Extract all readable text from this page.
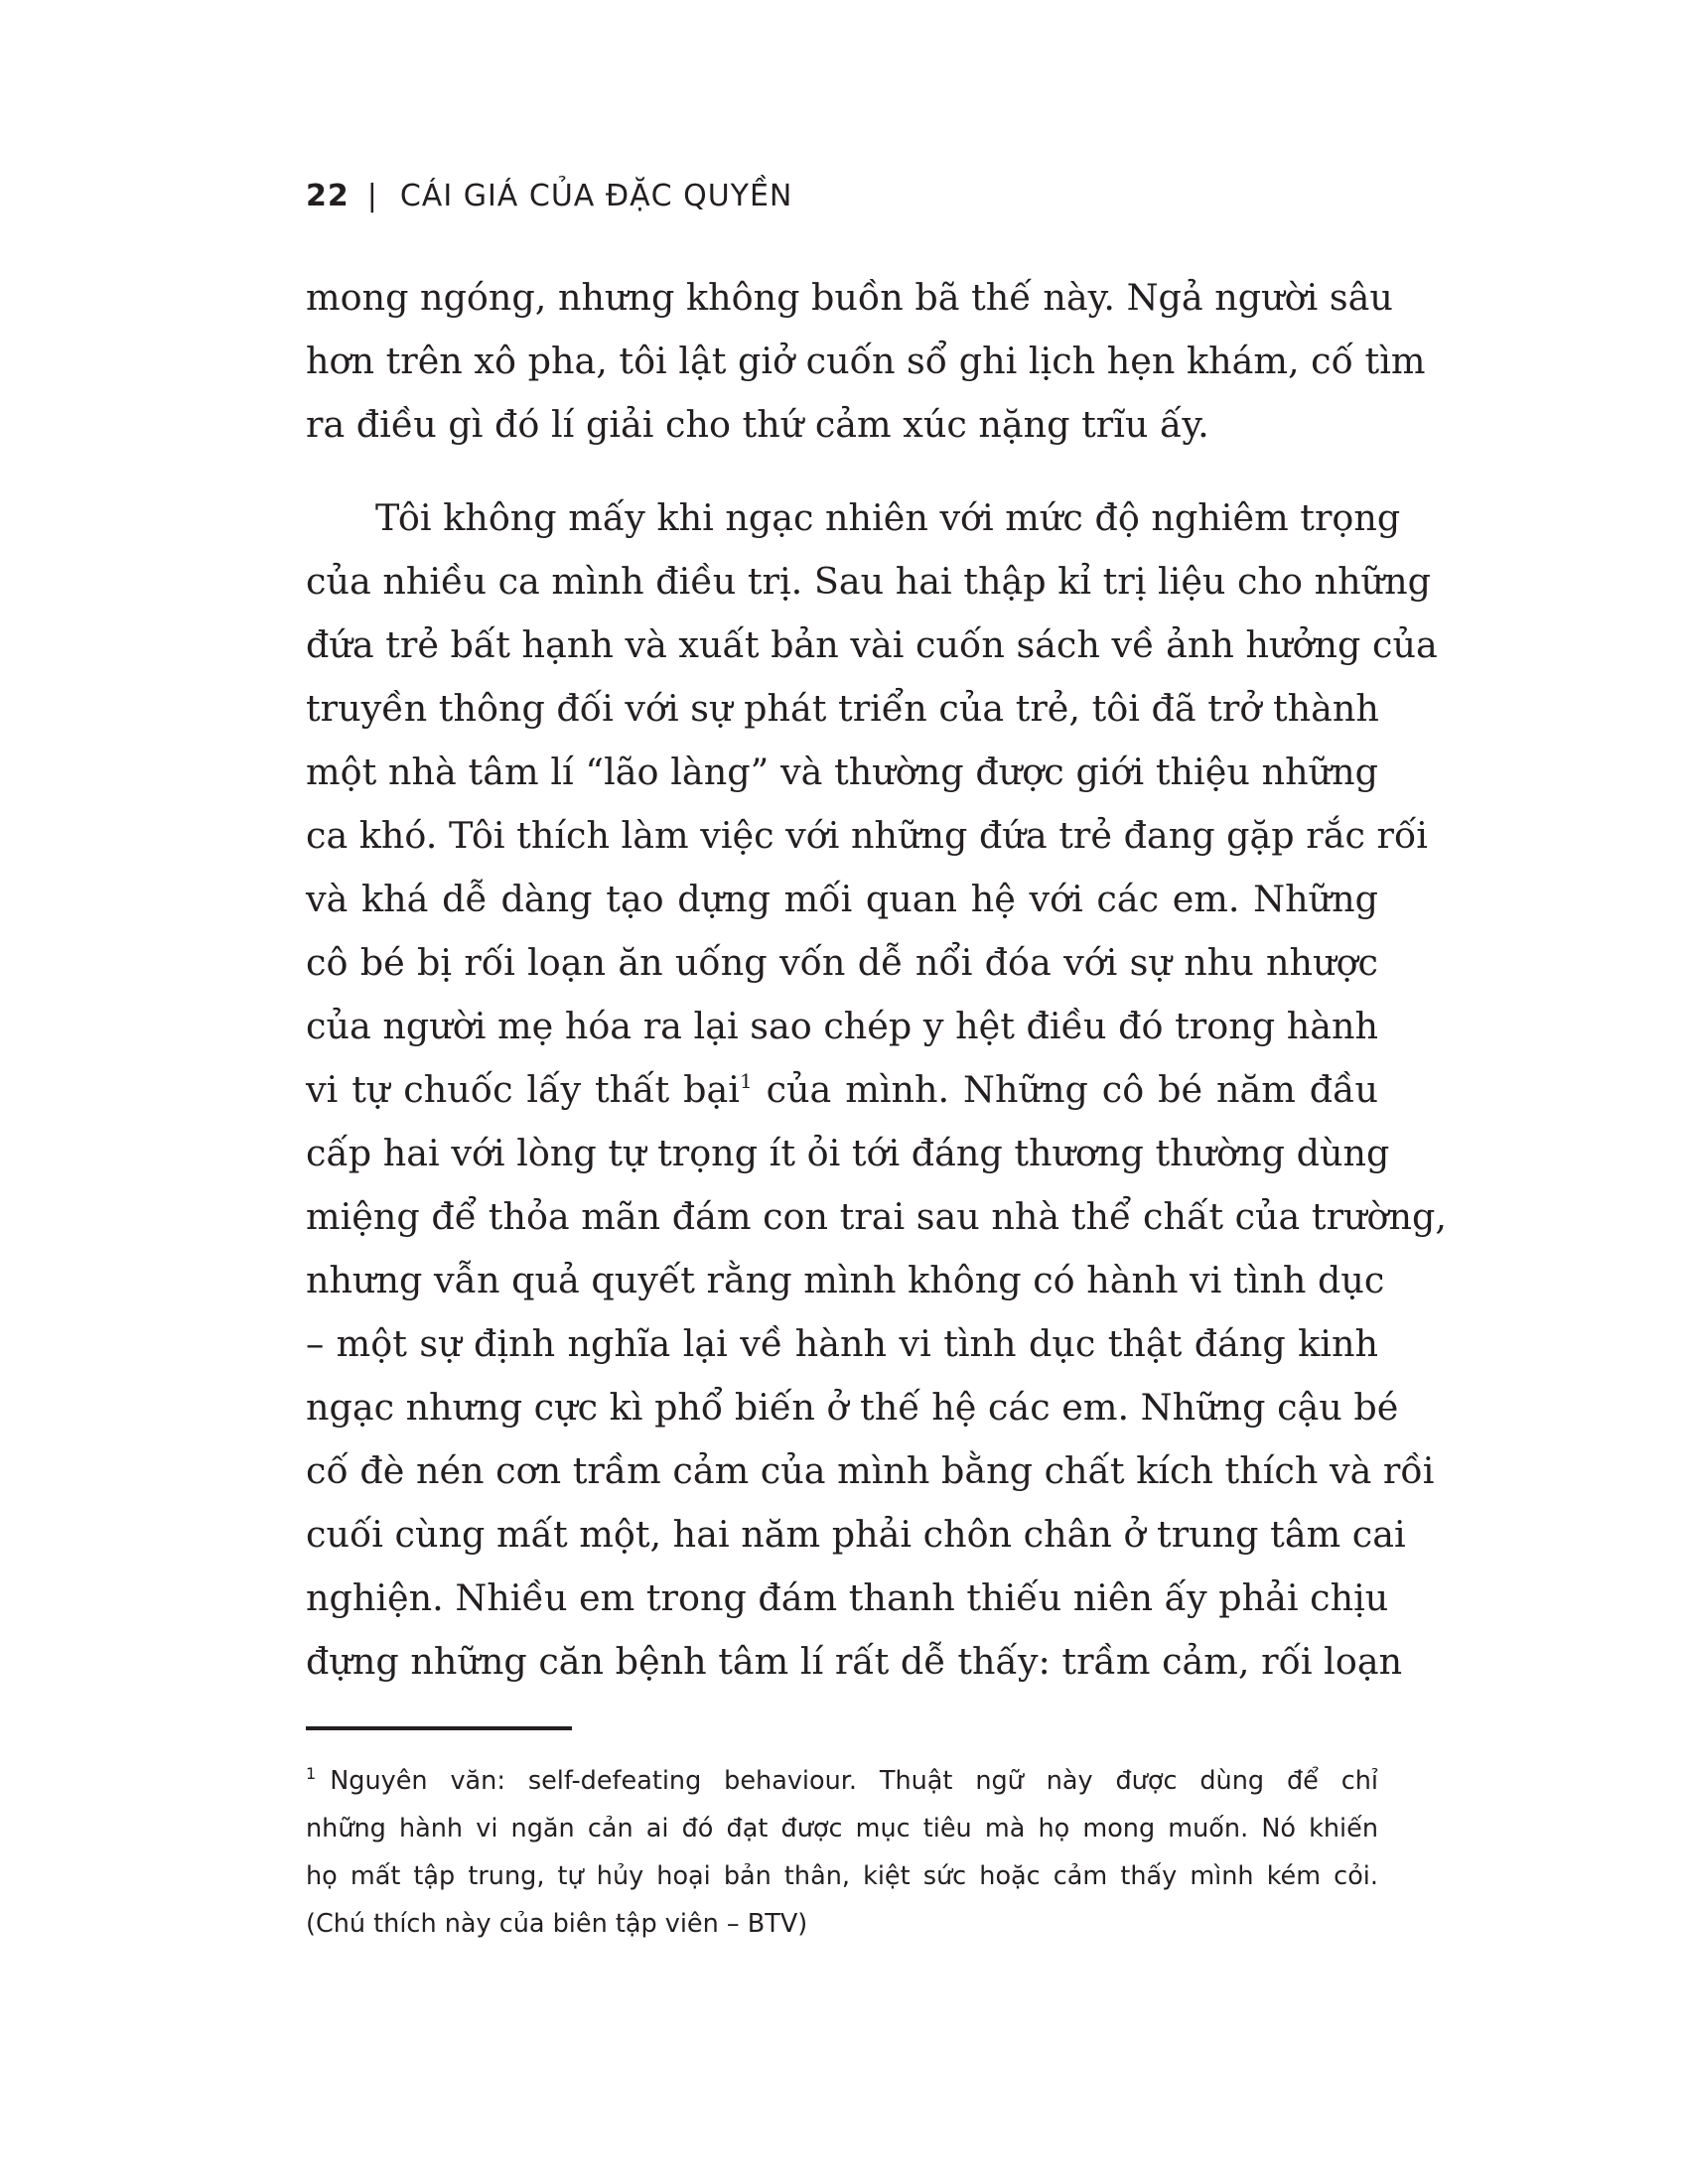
22 | CÁI GIÁ CỦA ĐẶC QUYỀN
mong ngóng, nhưng không buồn bã thế này. Ngả người sâu
hơn trên xô pha, tôi lật giở cuốn sổ ghi lịch hẹn khám, cố tìm
ra điều gì đó lí giải cho thứ cảm xúc nặng trĩu ấy.
Tôi không mấy khi ngạc nhiên với mức độ nghiêm trọng
của nhiều ca mình điều trị. Sau hai thập kỉ trị liệu cho những
đứa trẻ bất hạnh và xuất bản vài cuốn sách về ảnh hưởng của
truyền thông đối với sự phát triển của trẻ, tôi đã trở thành
một nhà tâm lí “lão làng” và thường được giới thiệu những
ca khó. Tôi thích làm việc với những đứa trẻ đang gặp rắc rối
và khá dễ dàng tạo dựng mối quan hệ với các em. Những
cô bé bị rối loạn ăn uống vốn dễ nổi đóa với sự nhu nhược
của người mẹ hóa ra lại sao chép y hệt điều đó trong hành
vi tự chuốc lấy thất bại$^1$ của mình. Những cô bé năm đầu
cấp hai với lòng tự trọng ít ỏi tới đáng thương thường dùng
miệng để thỏa mãn đám con trai sau nhà thể chất của trường,
nhưng vẫn quả quyết rằng mình không có hành vi tình dục
– một sự định nghĩa lại về hành vi tình dục thật đáng kinh
ngạc nhưng cực kì phổ biến ở thế hệ các em. Những cậu bé
cố đè nén cơn trầm cảm của mình bằng chất kích thích và rồi
cuối cùng mất một, hai năm phải chôn chân ở trung tâm cai
nghiện. Nhiều em trong đám thanh thiếu niên ấy phải chịu
đựng những căn bệnh tâm lí rất dễ thấy: trầm cảm, rối loạn
$^1$ Nguyên văn: self-defeating behaviour. Thuật ngữ này được dùng để chỉ
những hành vi ngăn cản ai đó đạt được mục tiêu mà họ mong muốn. Nó khiến
họ mất tập trung, tự hủy hoại bản thân, kiệt sức hoặc cảm thấy mình kém cỏi.
(Chú thích này của biên tập viên – BTV)
